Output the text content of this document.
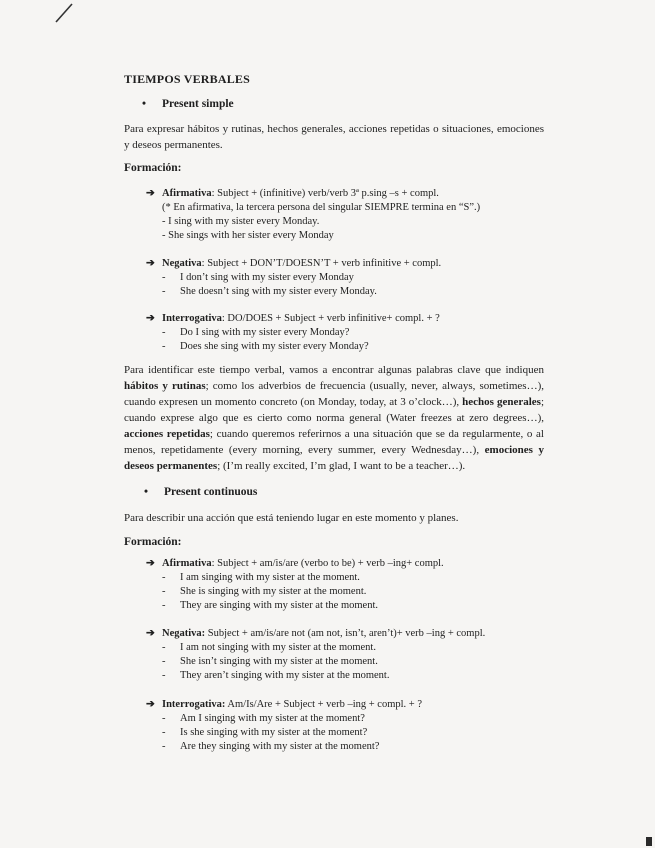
TIEMPOS VERBALES
• Present simple
Para expresar hábitos y rutinas, hechos generales, acciones repetidas o situaciones, emociones y deseos permanentes.
Formación:
➔ Afirmativa: Subject + (infinitive) verb/verb 3ª p.sing –s + compl.
(* En afirmativa, la tercera persona del singular SIEMPRE termina en “S”.)
- I sing with my sister every Monday.
- She sings with her sister every Monday
➔ Negativa: Subject + DON’T/DOESN’T + verb infinitive + compl.
- I don’t sing with my sister every Monday
- She doesn’t sing with my sister every Monday.
➔ Interrogativa: DO/DOES + Subject + verb infinitive+ compl. + ?
- Do I sing with my sister every Monday?
- Does she sing with my sister every Monday?
Para identificar este tiempo verbal, vamos a encontrar algunas palabras clave que indiquen hábitos y rutinas; como los adverbios de frecuencia (usually, never, always, sometimes…), cuando expresen un momento concreto (on Monday, today, at 3 o’clock…), hechos generales; cuando exprese algo que es cierto como norma general (Water freezes at zero degrees…), acciones repetidas; cuando queremos referirnos a una situación que se da regularmente, o al menos, repetidamente (every morning, every summer, every Wednesday…), emociones y deseos permanentes; (I’m really excited, I’m glad, I want to be a teacher…).
• Present continuous
Para describir una acción que está teniendo lugar en este momento y planes.
Formación:
➔ Afirmativa: Subject + am/is/are (verbo to be) + verb –ing+ compl.
- I am singing with my sister at the moment.
- She is singing with my sister at the moment.
- They are singing with my sister at the moment.
➔ Negativa: Subject + am/is/are not (am not, isn’t, aren’t)+ verb –ing + compl.
- I am not singing with my sister at the moment.
- She isn’t singing with my sister at the moment.
- They aren’t singing with my sister at the moment.
➔ Interrogativa: Am/Is/Are + Subject + verb –ing + compl. + ?
- Am I singing with my sister at the moment?
- Is she singing with my sister at the moment?
- Are they singing with my sister at the moment?
